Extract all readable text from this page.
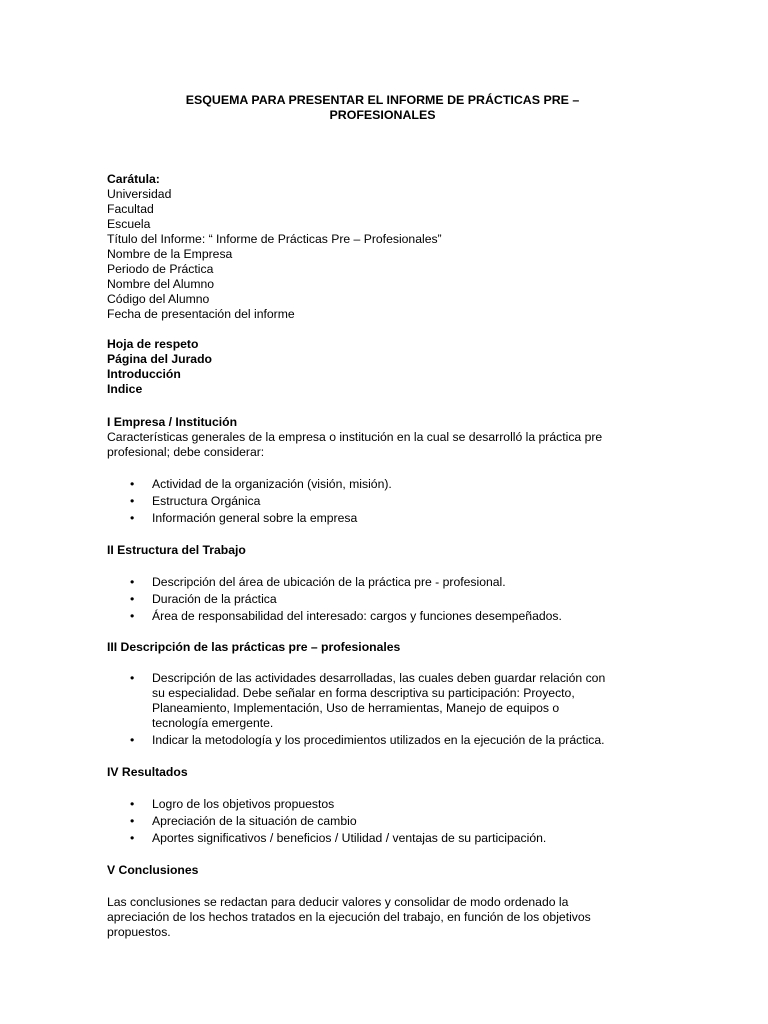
ESQUEMA PARA PRESENTAR EL INFORME DE PRÁCTICAS PRE – PROFESIONALES
Carátula:
Universidad
Facultad
Escuela
Título del Informe: “ Informe de Prácticas Pre – Profesionales”
Nombre de la Empresa
Periodo de Práctica
Nombre del Alumno
Código del Alumno
Fecha de presentación del informe
Hoja de respeto
Página del Jurado
Introducción
Indice
I Empresa / Institución
Características generales de la empresa o institución en la cual se desarrolló la práctica pre profesional; debe considerar:
• Actividad de la organización (visión, misión).
• Estructura Orgánica
• Información general sobre la empresa
II Estructura del Trabajo
• Descripción del área de ubicación de la práctica pre - profesional.
• Duración de la práctica
• Área de responsabilidad del interesado: cargos y funciones desempeñados.
III Descripción de las prácticas pre – profesionales
• Descripción de las actividades desarrolladas, las cuales deben guardar relación con su especialidad. Debe señalar en forma descriptiva su participación: Proyecto, Planeamiento, Implementación, Uso de herramientas, Manejo de equipos o tecnología emergente.
• Indicar la metodología y los procedimientos utilizados en la ejecución de la práctica.
IV Resultados
• Logro de los objetivos propuestos
• Apreciación de la situación de cambio
• Aportes significativos / beneficios / Utilidad / ventajas de su participación.
V Conclusiones
Las conclusiones se redactan para deducir valores y consolidar de modo ordenado la apreciación de los hechos tratados en la ejecución del trabajo, en función de los objetivos propuestos.
